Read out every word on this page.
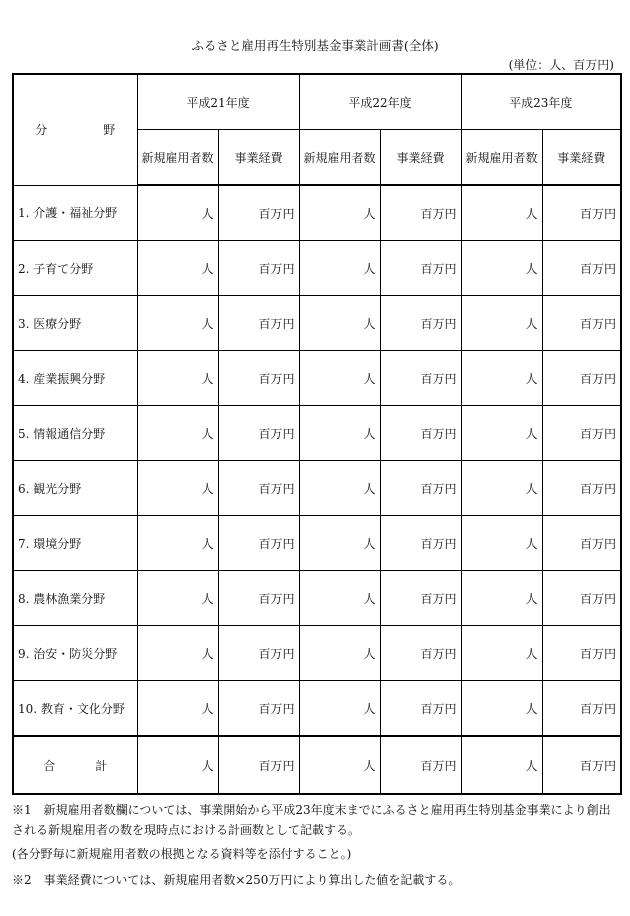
ふるさと雇用再生特別基金事業計画書(全体)
(単位：人、百万円)
分 野	平成21年度		平成22年度		平成23年度	
	新規雇用者数	事業経費	新規雇用者数	事業経費	新規雇用者数	事業経費
1. 介護・福祉分野	人	百万円	人	百万円	人	百万円
2. 子育て分野	人	百万円	人	百万円	人	百万円
3. 医療分野	人	百万円	人	百万円	人	百万円
4. 産業振興分野	人	百万円	人	百万円	人	百万円
5. 情報通信分野	人	百万円	人	百万円	人	百万円
6. 観光分野	人	百万円	人	百万円	人	百万円
7. 環境分野	人	百万円	人	百万円	人	百万円
8. 農林漁業分野	人	百万円	人	百万円	人	百万円
9. 治安・防災分野	人	百万円	人	百万円	人	百万円
10. 教育・文化分野	人	百万円	人	百万円	人	百万円
合 計	人	百万円	人	百万円	人	百万円
※1　新規雇用者数欄については、事業開始から平成23年度末までにふるさと雇用再生特別基金事業により創出される新規雇用者の数を現時点における計画数として記載する。
(各分野毎に新規雇用者数の根拠となる資料等を添付すること。)
※2　事業経費については、新規雇用者数×250万円により算出した値を記載する。
